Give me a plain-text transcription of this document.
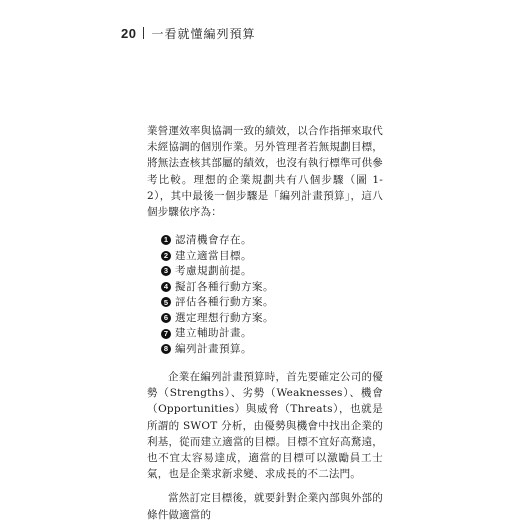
20 一看就懂編列預算

業營運效率與協調一致的績效，以合作指揮來取代未經協調的個別作業。另外管理者若無規劃目標，將無法查核其部屬的績效，也沒有執行標準可供參考比較。理想的企業規劃共有八個步驟（圖 1-2），其中最後一個步驟是「編列計畫預算」，這八個步驟依序為：

1 認清機會存在。
2 建立適當目標。
3 考慮規劃前提。
4 擬訂各種行動方案。
5 評估各種行動方案。
6 選定理想行動方案。
7 建立輔助計畫。
8 編列計畫預算。

企業在編列計畫預算時，首先要確定公司的優勢（Strengths）、劣勢（Weaknesses）、機會（Opportunities）與威脅（Threats），也就是所謂的 SWOT 分析，由優勢與機會中找出企業的利基，從而建立適當的目標。目標不宜好高騖遠，也不宜太容易達成，適當的目標可以激勵員工士氣，也是企業求新求變、求成長的不二法門。

當然訂定目標後，就要針對企業內部與外部的條件做適當的
